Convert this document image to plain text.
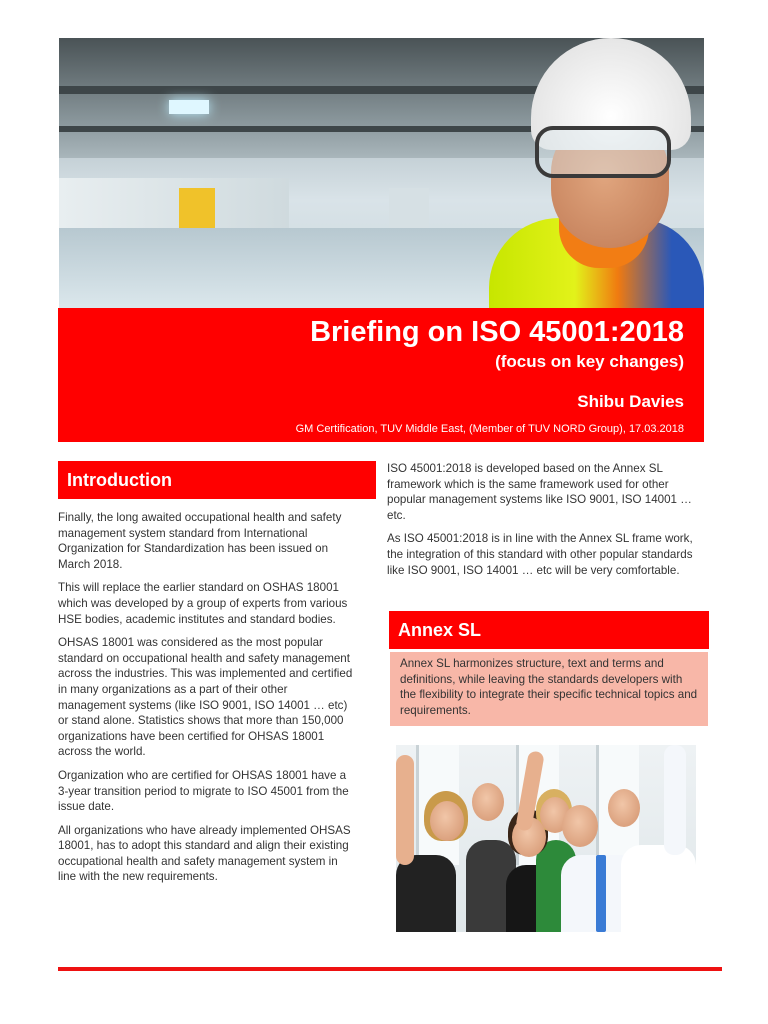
Briefing on ISO 45001:2018
(focus on key changes)
Shibu Davies
GM Certification, TUV Middle East, (Member of TUV NORD Group), 17.03.2018
Introduction

Finally, the long awaited occupational health and safety management system standard from International Organization for Standardization has been issued on March 2018.

This will replace the earlier standard on OSHAS 18001 which was developed by a group of experts from various HSE bodies, academic institutes and standard bodies.

OHSAS 18001 was considered as the most popular standard on occupational health and safety management across the industries. This was implemented and certified in many organizations as a part of their other management systems (like ISO 9001, ISO 14001 … etc) or stand alone. Statistics shows that more than 150,000 organizations have been certified for OHSAS 18001 across the world.

Organization who are certified for OHSAS 18001 have a 3-year transition period to migrate to ISO 45001 from the issue date.

All organizations who have already implemented OHSAS 18001, has to adopt this standard and align their existing occupational health and safety management system in line with the new requirements.

ISO 45001:2018 is developed based on the Annex SL framework which is the same framework used for other popular management systems like ISO 9001, ISO 14001 … etc.

As ISO 45001:2018 is in line with the Annex SL frame work, the integration of this standard with other popular standards like ISO 9001, ISO 14001 … etc will be very comfortable.

Annex SL
Annex SL harmonizes structure, text and terms and definitions, while leaving the standards developers with the flexibility to integrate their specific technical topics and requirements.
